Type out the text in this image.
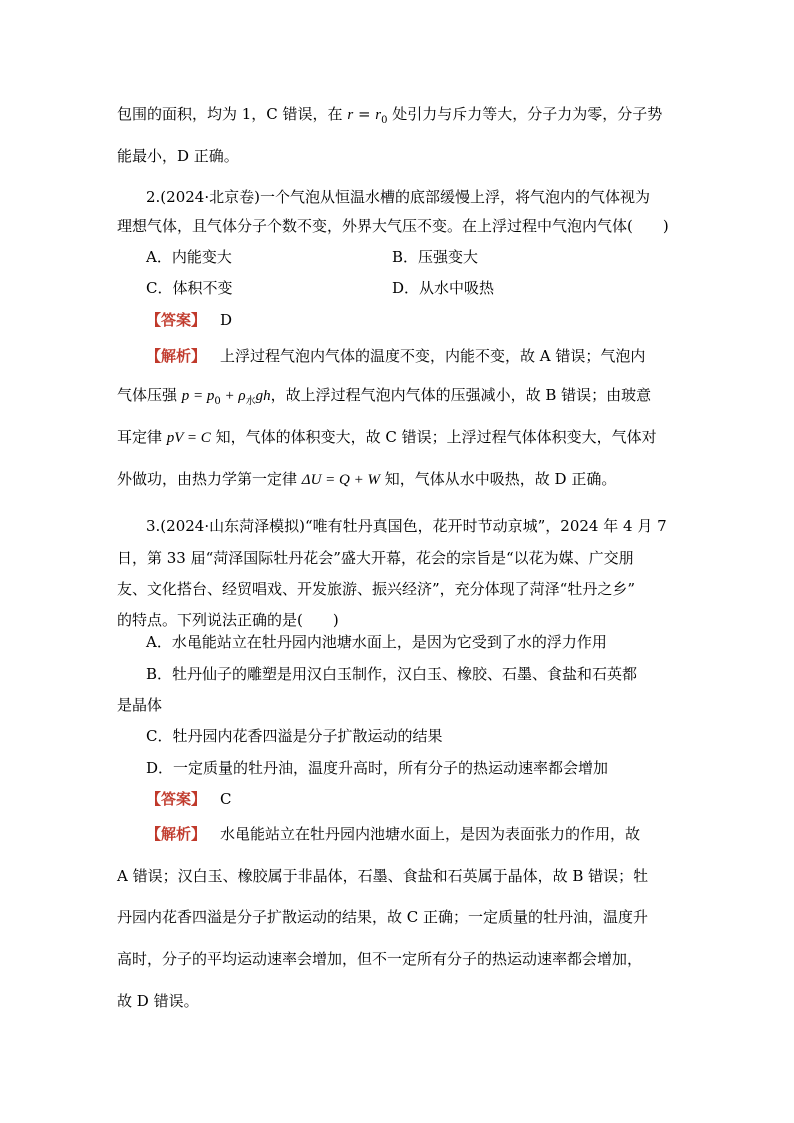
包围的面积，均为 1，C 错误，在 $r = r_0$ 处引力与斥力等大，分子力为零，分子势
能最小，D 正确。
2.(2024·北京卷)一个气泡从恒温水槽的底部缓慢上浮，将气泡内的气体视为
理想气体，且气体分子个数不变，外界大气压不变。在上浮过程中气泡内气体(　　)
A．内能变大	B．压强变大
C．体积不变	D．从水中吸热
【答案】 D
【解析】 上浮过程气泡内气体的温度不变，内能不变，故 A 错误；气泡内
气体压强 $p = p_0 + \rho_水gh$，故上浮过程气泡内气体的压强减小，故 B 错误；由玻意
耳定律 pV = C 知，气体的体积变大，故 C 错误；上浮过程气体体积变大，气体对
外做功，由热力学第一定律 ΔU = Q + W 知，气体从水中吸热，故 D 正确。
3.(2024·山东菏泽模拟)“唯有牡丹真国色，花开时节动京城”，2024 年 4 月 7
日，第 33 届“菏泽国际牡丹花会”盛大开幕，花会的宗旨是“以花为媒、广交朋
友、文化搭台、经贸唱戏、开发旅游、振兴经济”，充分体现了菏泽“牡丹之乡”
的特点。下列说法正确的是(　　)
A．水黾能站立在牡丹园内池塘水面上，是因为它受到了水的浮力作用
B．牡丹仙子的雕塑是用汉白玉制作，汉白玉、橡胶、石墨、食盐和石英都
是晶体
C．牡丹园内花香四溢是分子扩散运动的结果
D．一定质量的牡丹油，温度升高时，所有分子的热运动速率都会增加
【答案】 C
【解析】 水黾能站立在牡丹园内池塘水面上，是因为表面张力的作用，故
A 错误；汉白玉、橡胶属于非晶体，石墨、食盐和石英属于晶体，故 B 错误；牡
丹园内花香四溢是分子扩散运动的结果，故 C 正确；一定质量的牡丹油，温度升
高时，分子的平均运动速率会增加，但不一定所有分子的热运动速率都会增加，
故 D 错误。
